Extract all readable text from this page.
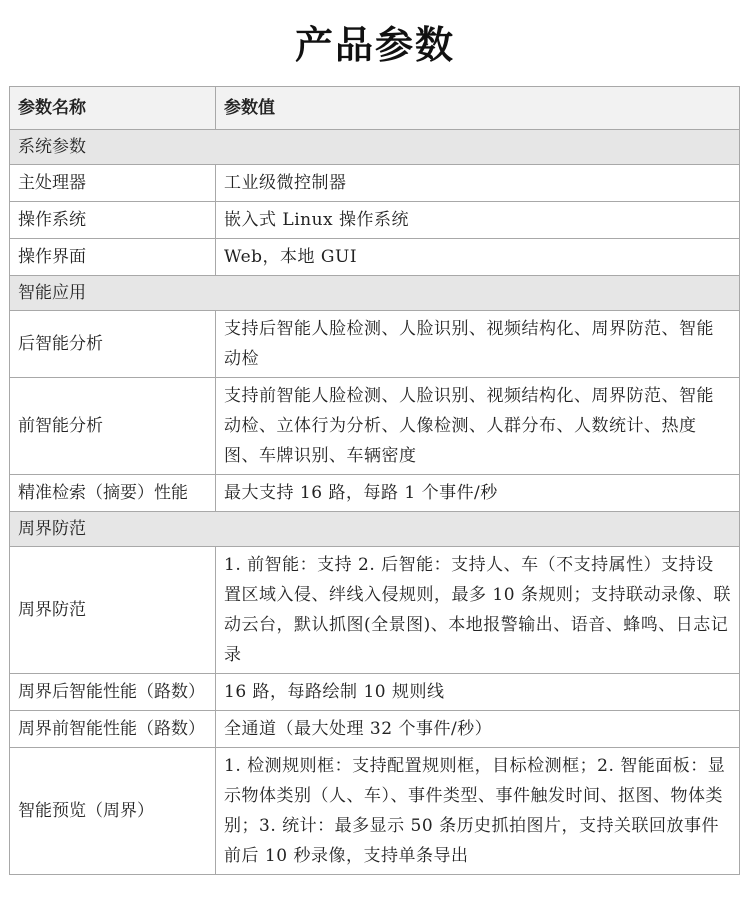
产品参数
参数名称	参数值
系统参数	
主处理器	工业级微控制器
操作系统	嵌入式 Linux 操作系统
操作界面	Web，本地 GUI
智能应用	
后智能分析	支持后智能人脸检测、人脸识别、视频结构化、周界防范、智能动检
前智能分析	支持前智能人脸检测、人脸识别、视频结构化、周界防范、智能动检、立体行为分析、人像检测、人群分布、人数统计、热度图、车牌识别、车辆密度
精准检索（摘要）性能	最大支持 16 路，每路 1 个事件/秒
周界防范	
周界防范	1. 前智能：支持 2. 后智能：支持人、车（不支持属性）支持设置区域入侵、绊线入侵规则，最多 10 条规则；支持联动录像、联动云台，默认抓图(全景图)、本地报警输出、语音、蜂鸣、日志记录
周界后智能性能（路数）	16 路，每路绘制 10 规则线
周界前智能性能（路数）	全通道（最大处理 32 个事件/秒）
智能预览（周界）	1. 检测规则框：支持配置规则框，目标检测框；2. 智能面板：显示物体类别（人、车）、事件类型、事件触发时间、抠图、物体类别；3. 统计：最多显示 50 条历史抓拍图片，支持关联回放事件前后 10 秒录像，支持单条导出
